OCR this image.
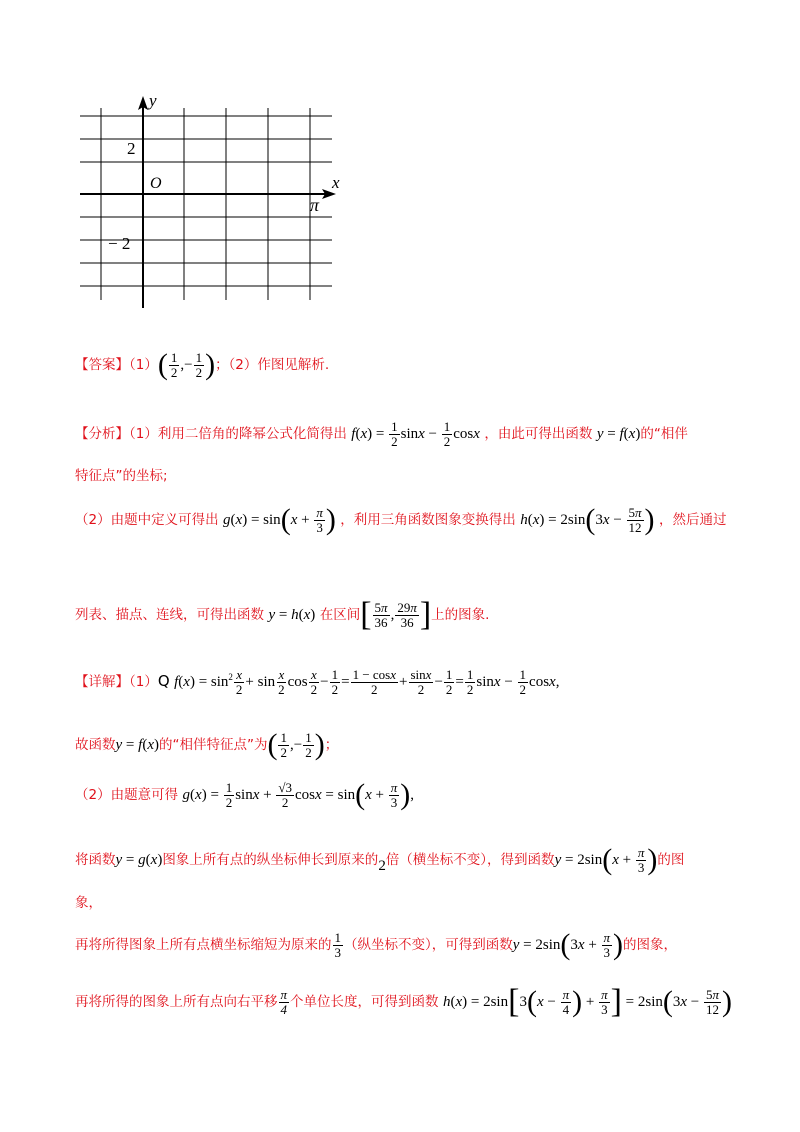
y
x
O
2
− 2
π
【答案】$(1)( \frac{1}{2}$ ,− $\frac{1}{2}$ )；（2）作图见解析.
【分析】（1）利用二倍角的降幂公式化简得出 $f(x) = \frac{1}{2}$ $\sin x - \frac{1}{2}$ cosx ，由此可得出函数 y = f(x)的“相伴
特征点”的坐标;
（2）由题中定义可得出 $g(x) = \sin(x + \frac{\pi}{3}$ ) ，利用三角函数图象变换得出 $h(x) = 2\sin(3x - \frac{5\pi}{12}$ ) ，然后通过
列表、描点、连线，可得出函数 y = h(x) 在区间[ $\frac{5\pi}{36}$ , $\frac{29\pi}{36}$ ]上的图象.
【详解】（1）Q $f(x) = \sin^2 \frac{x}{2} + \sin \frac{x}{2}$ $\cos \frac{x}{2} - \frac{1}{2} = \frac{1 - \cos x}{2} + \frac{\sin x}{2} - \frac{1}{2} = \frac{1}{2}$ $\sin x - \frac{1}{2} \cos x$,
故函数y = f(x)的“相伴特征点”为( $\frac{1}{2}$ ,− $\frac{1}{2}$ )；
（2）由题意可得 $g(x) = \frac{1}{2}$ $\sin x + \frac{√3}{2}$ $\cos x = \sin(x + \frac{\pi}{3}$ ),
将函数y = g(x)图象上所有点的纵坐标伸长到原来的2倍（横坐标不变），得到函数$y = 2\sin(x + \frac{\pi}{3}$ )的图
象，
再将所得图象上所有点横坐标缩短为原来的 $\frac{1}{3}$ （纵坐标不变），可得到函数$y = 2\sin(3x + \frac{\pi}{3}$ )的图象，
再将所得的图象上所有点向右平移 $\frac{\pi}{4}$ 个单位长度，可得到函数 $h(x) = 2\sin[3(x - \frac{\pi}{4}$ ) + $\frac{\pi}{3}$ ] = $2\sin(3x - \frac{5\pi}{12}$ )
